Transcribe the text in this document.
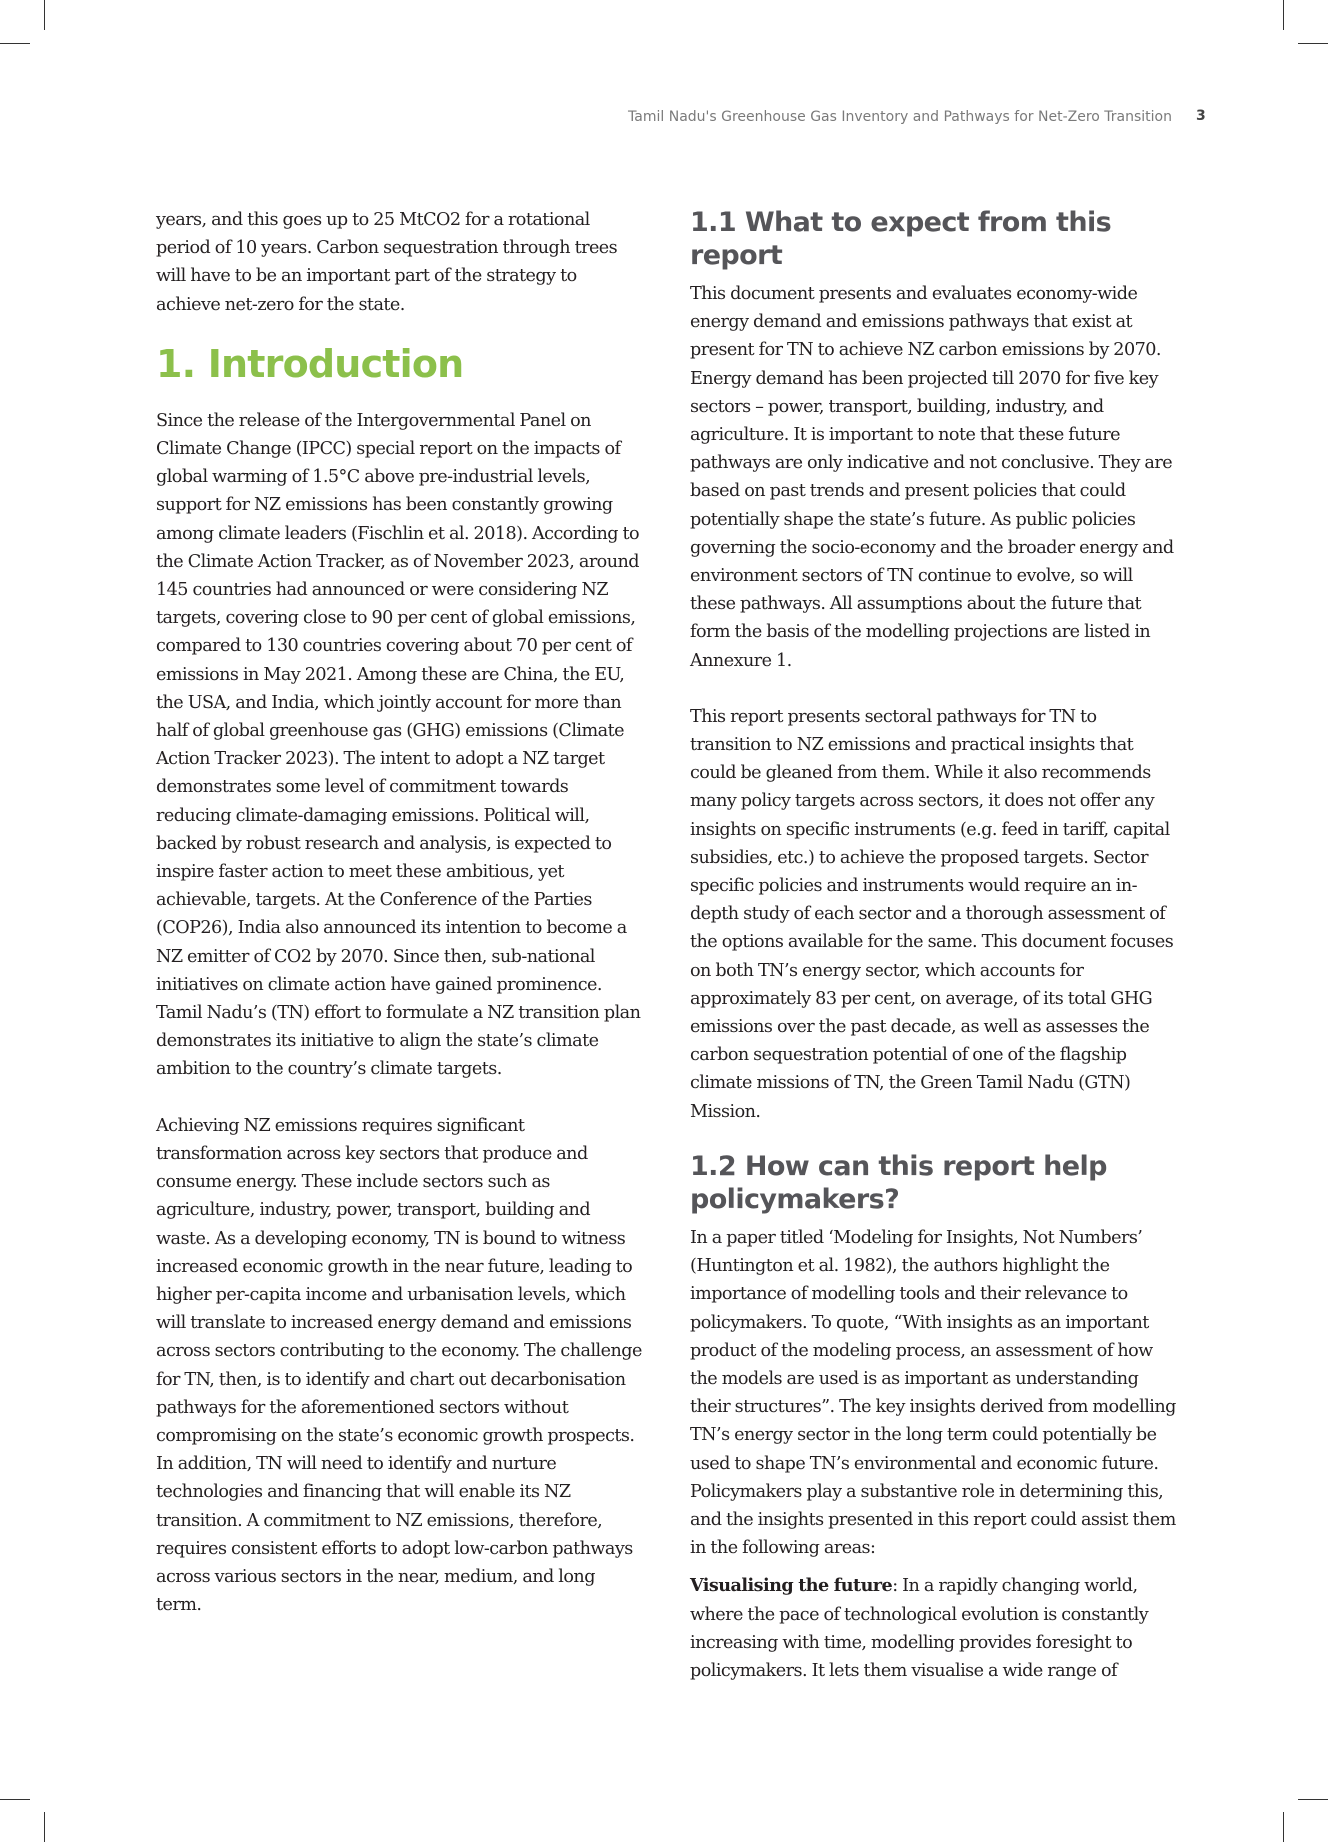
Tamil Nadu's Greenhouse Gas Inventory and Pathways for Net-Zero Transition 3

years, and this goes up to 25 MtCO2 for a rotational period of 10 years. Carbon sequestration through trees will have to be an important part of the strategy to achieve net-zero for the state.

1. Introduction

Since the release of the Intergovernmental Panel on Climate Change (IPCC) special report on the impacts of global warming of 1.5°C above pre-industrial levels, support for NZ emissions has been constantly growing among climate leaders (Fischlin et al. 2018). According to the Climate Action Tracker, as of November 2023, around 145 countries had announced or were considering NZ targets, covering close to 90 per cent of global emissions, compared to 130 countries covering about 70 per cent of emissions in May 2021. Among these are China, the EU, the USA, and India, which jointly account for more than half of global greenhouse gas (GHG) emissions (Climate Action Tracker 2023). The intent to adopt a NZ target demonstrates some level of commitment towards reducing climate-damaging emissions. Political will, backed by robust research and analysis, is expected to inspire faster action to meet these ambitious, yet achievable, targets. At the Conference of the Parties (COP26), India also announced its intention to become a NZ emitter of CO2 by 2070. Since then, sub-national initiatives on climate action have gained prominence. Tamil Nadu’s (TN) effort to formulate a NZ transition plan demonstrates its initiative to align the state’s climate ambition to the country’s climate targets.

Achieving NZ emissions requires significant transformation across key sectors that produce and consume energy. These include sectors such as agriculture, industry, power, transport, building and waste. As a developing economy, TN is bound to witness increased economic growth in the near future, leading to higher per-capita income and urbanisation levels, which will translate to increased energy demand and emissions across sectors contributing to the economy. The challenge for TN, then, is to identify and chart out decarbonisation pathways for the aforementioned sectors without compromising on the state’s economic growth prospects. In addition, TN will need to identify and nurture technologies and financing that will enable its NZ transition. A commitment to NZ emissions, therefore, requires consistent efforts to adopt low-carbon pathways across various sectors in the near, medium, and long term.

1.1 What to expect from this report

This document presents and evaluates economy-wide energy demand and emissions pathways that exist at present for TN to achieve NZ carbon emissions by 2070. Energy demand has been projected till 2070 for five key sectors – power, transport, building, industry, and agriculture. It is important to note that these future pathways are only indicative and not conclusive. They are based on past trends and present policies that could potentially shape the state’s future. As public policies governing the socio-economy and the broader energy and environment sectors of TN continue to evolve, so will these pathways. All assumptions about the future that form the basis of the modelling projections are listed in Annexure 1.

This report presents sectoral pathways for TN to transition to NZ emissions and practical insights that could be gleaned from them. While it also recommends many policy targets across sectors, it does not offer any insights on specific instruments (e.g. feed in tariff, capital subsidies, etc.) to achieve the proposed targets. Sector specific policies and instruments would require an in-depth study of each sector and a thorough assessment of the options available for the same. This document focuses on both TN’s energy sector, which accounts for approximately 83 per cent, on average, of its total GHG emissions over the past decade, as well as assesses the carbon sequestration potential of one of the flagship climate missions of TN, the Green Tamil Nadu (GTN) Mission.

1.2 How can this report help policymakers?

In a paper titled ‘Modeling for Insights, Not Numbers’ (Huntington et al. 1982), the authors highlight the importance of modelling tools and their relevance to policymakers. To quote, “With insights as an important product of the modeling process, an assessment of how the models are used is as important as understanding their structures”. The key insights derived from modelling TN’s energy sector in the long term could potentially be used to shape TN’s environmental and economic future. Policymakers play a substantive role in determining this, and the insights presented in this report could assist them in the following areas:

Visualising the future: In a rapidly changing world, where the pace of technological evolution is constantly increasing with time, modelling provides foresight to policymakers. It lets them visualise a wide range of
